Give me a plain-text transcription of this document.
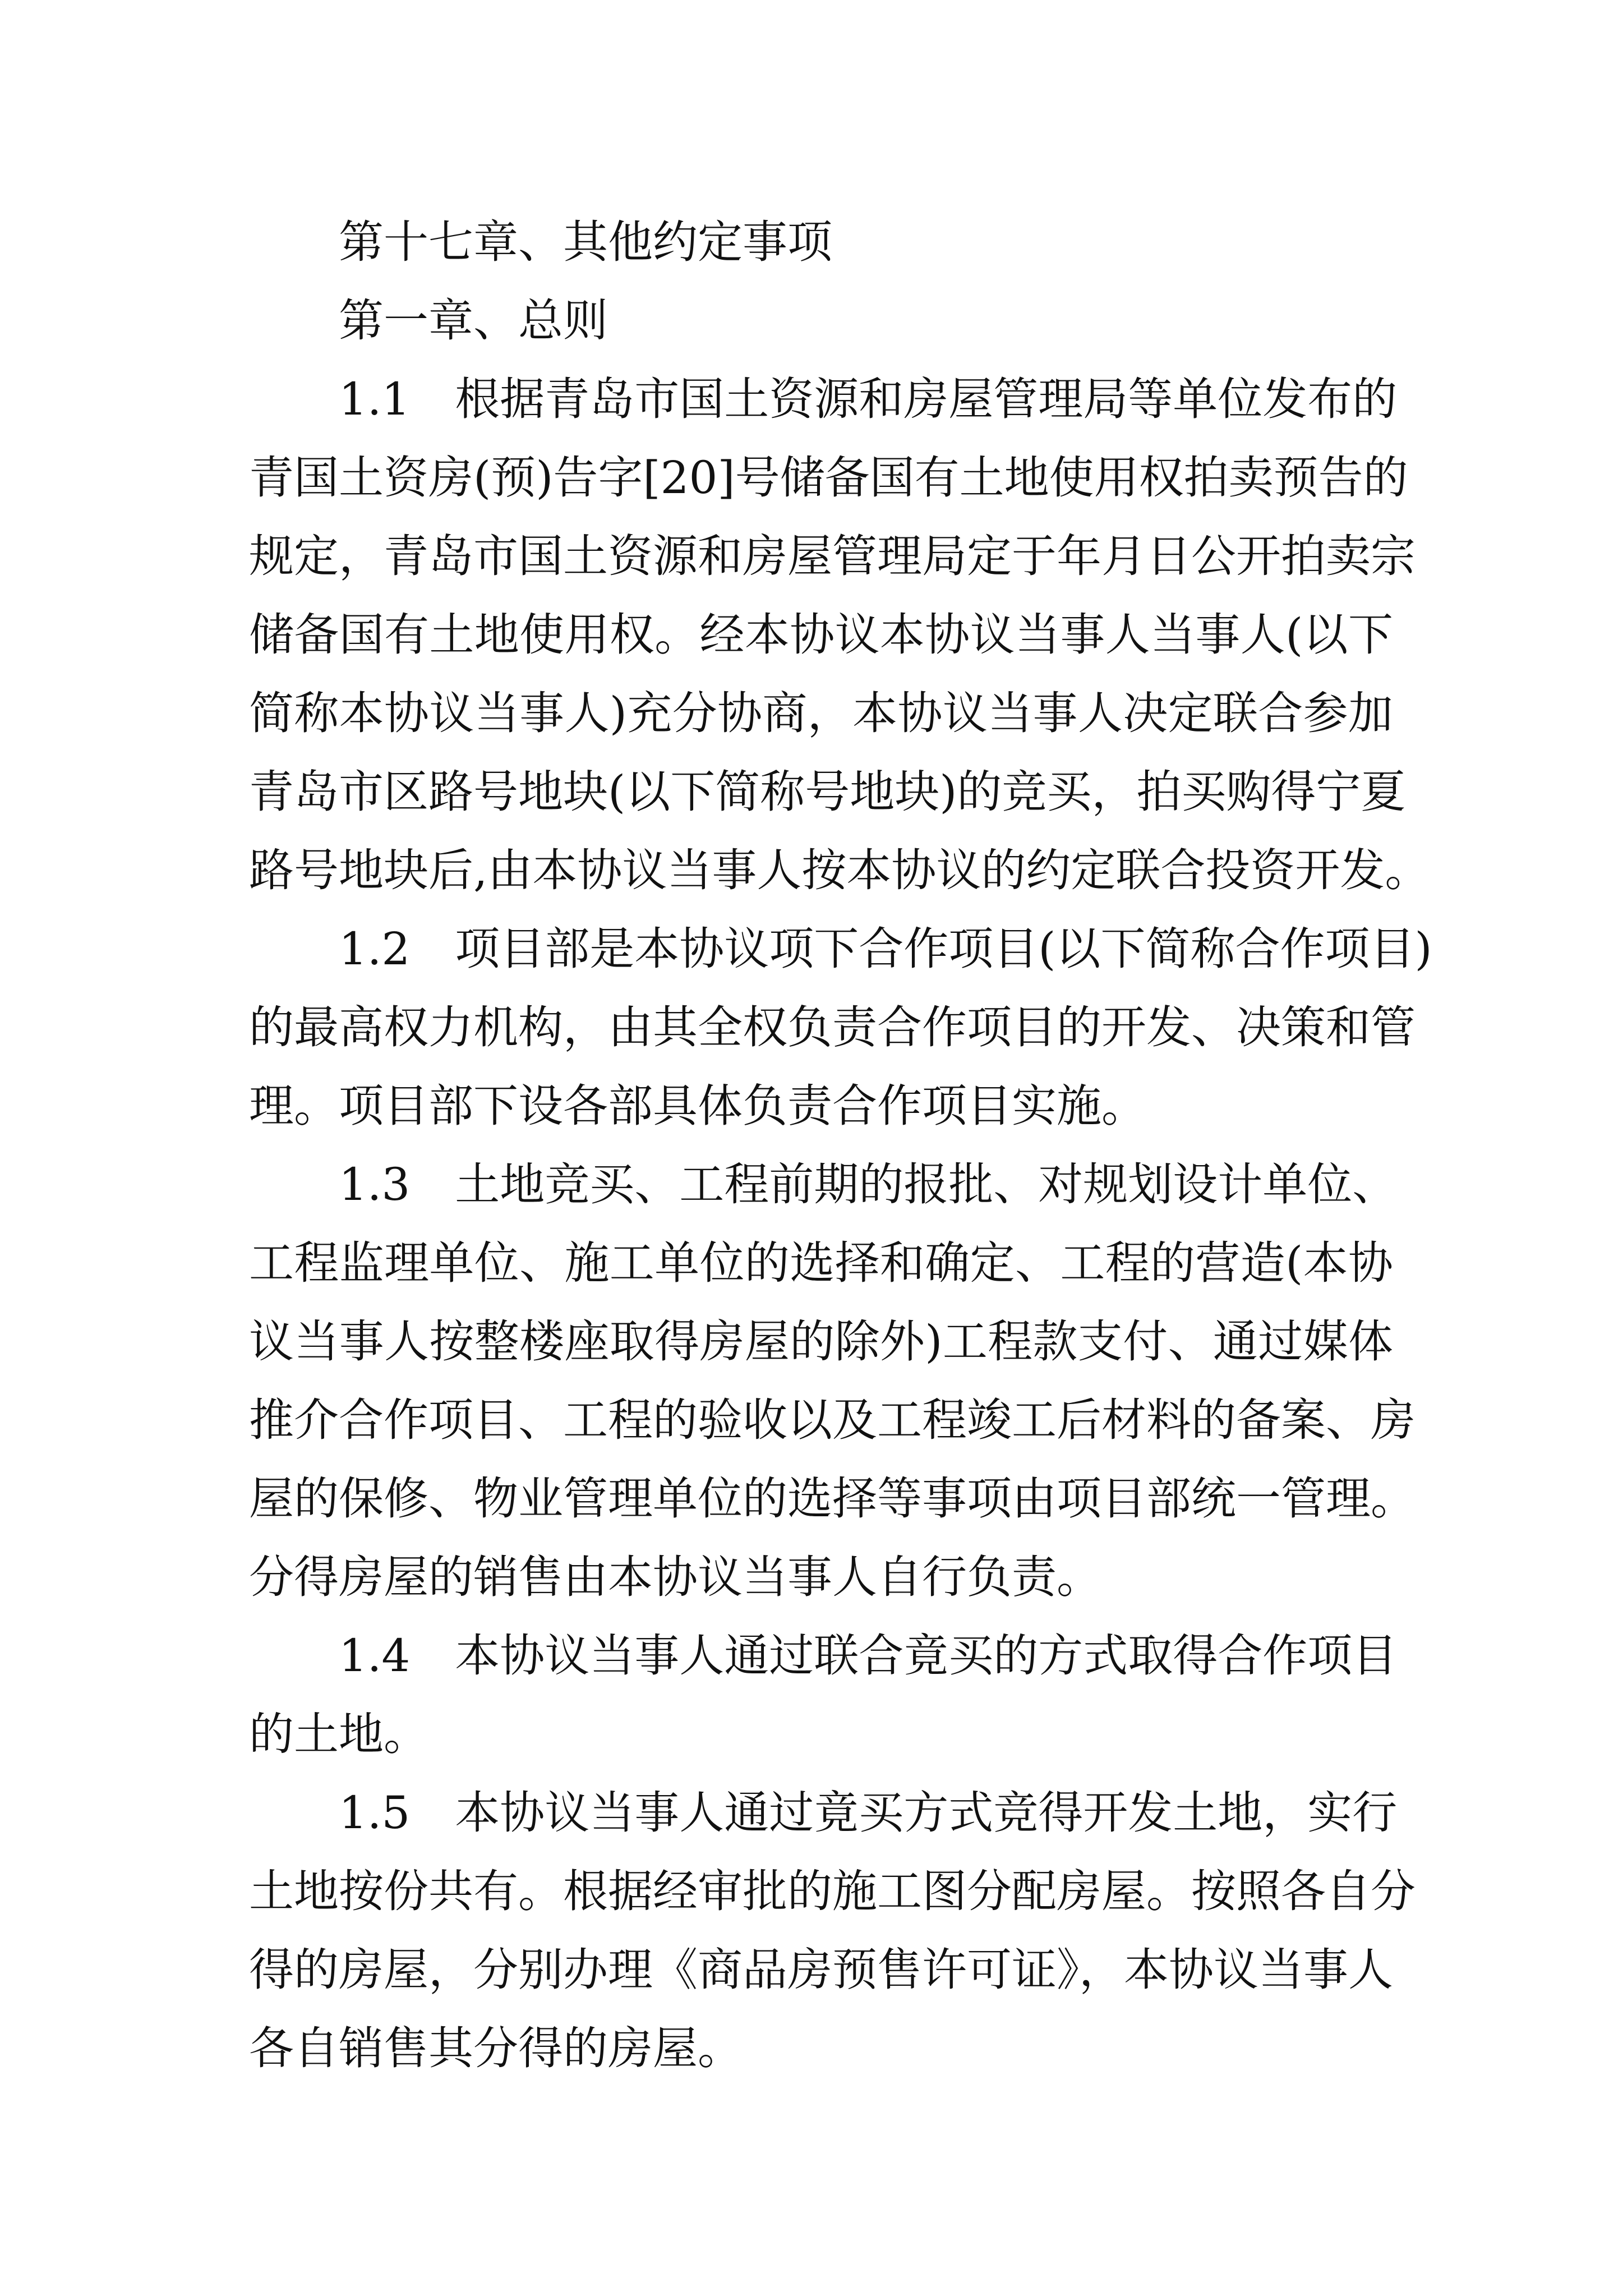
第十七章、其他约定事项
第一章、总则
1.1  根据青岛市国土资源和房屋管理局等单位发布的
青国土资房(预)告字[20]号储备国有土地使用权拍卖预告的
规定，青岛市国土资源和房屋管理局定于年月日公开拍卖宗
储备国有土地使用权。经本协议本协议当事人当事人(以下
简称本协议当事人)充分协商，本协议当事人决定联合参加
青岛市区路号地块(以下简称号地块)的竞买，拍买购得宁夏
路号地块后,由本协议当事人按本协议的约定联合投资开发。
1.2  项目部是本协议项下合作项目(以下简称合作项目)
的最高权力机构，由其全权负责合作项目的开发、决策和管
理。项目部下设各部具体负责合作项目实施。
1.3  土地竞买、工程前期的报批、对规划设计单位、
工程监理单位、施工单位的选择和确定、工程的营造(本协
议当事人按整楼座取得房屋的除外)工程款支付、通过媒体
推介合作项目、工程的验收以及工程竣工后材料的备案、房
屋的保修、物业管理单位的选择等事项由项目部统一管理。
分得房屋的销售由本协议当事人自行负责。
1.4  本协议当事人通过联合竟买的方式取得合作项目
的土地。
1.5  本协议当事人通过竟买方式竞得开发土地，实行
土地按份共有。根据经审批的施工图分配房屋。按照各自分
得的房屋，分别办理《商品房预售许可证》，本协议当事人
各自销售其分得的房屋。
